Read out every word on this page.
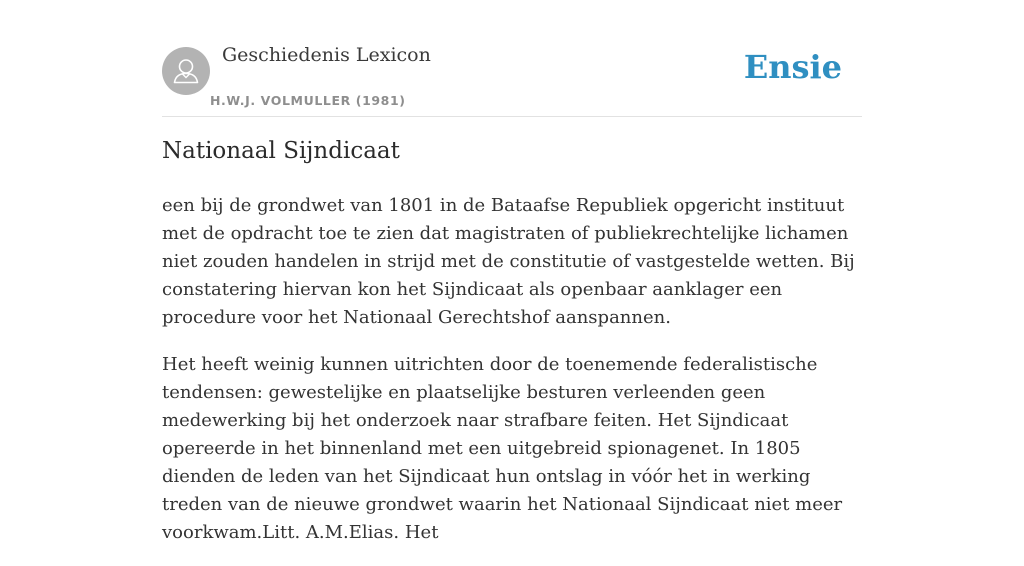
Geschiedenis Lexicon
H.W.J. VOLMULLER (1981)
Ensie
Nationaal Sijndicaat

een bij de grondwet van 1801 in de Bataafse Republiek opgericht instituut met de opdracht toe te zien dat magistraten of publiekrechtelijke lichamen niet zouden handelen in strijd met de constitutie of vastgestelde wetten. Bij constatering hiervan kon het Sijndicaat als openbaar aanklager een procedure voor het Nationaal Gerechtshof aanspannen.

Het heeft weinig kunnen uitrichten door de toenemende federalistische tendensen: gewestelijke en plaatselijke besturen verleenden geen medewerking bij het onderzoek naar strafbare feiten. Het Sijndicaat opereerde in het binnenland met een uitgebreid spionagenet. In 1805 dienden de leden van het Sijndicaat hun ontslag in vóór het in werking treden van de nieuwe grondwet waarin het Nationaal Sijndicaat niet meer voorkwam.Litt. A.M.Elias. Het
